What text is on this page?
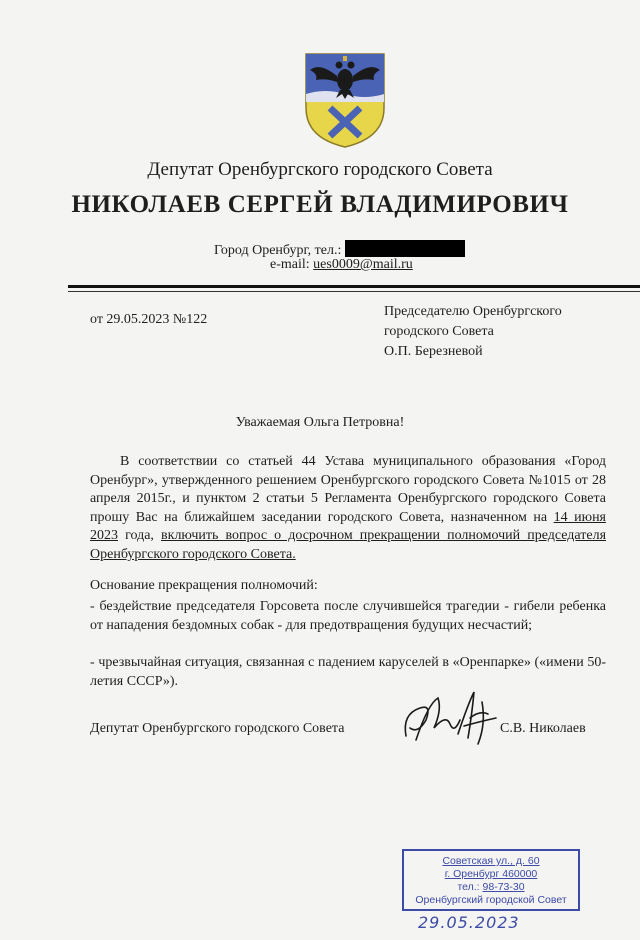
Депутат Оренбургского городского Совета
НИКОЛАЕВ СЕРГЕЙ ВЛАДИМИРОВИЧ
Город Оренбург, тел.:
e-mail: ues0009@mail.ru
от 29.05.2023 №122
Председателю Оренбургского
городского Совета
О.П. Березневой
Уважаемая Ольга Петровна!
В соответствии со статьей 44 Устава муниципального образования «Город Оренбург», утвержденного решением Оренбургского городского Совета №1015 от 28 апреля 2015г., и пунктом 2 статьи 5 Регламента Оренбургского городского Совета прошу Вас на ближайшем заседании городского Совета, назначенном на 14 июня 2023 года, включить вопрос о досрочном прекращении полномочий председателя Оренбургского городского Совета.
Основание прекращения полномочий:
- бездействие председателя Горсовета после случившейся трагедии - гибели ребенка от нападения бездомных собак - для предотвращения будущих несчастий;
- чрезвычайная ситуация, связанная с падением каруселей в «Оренпарке» («имени 50-летия СССР»).
Депутат Оренбургского городского Совета	С.В. Николаев
Советская ул., д. 60
г. Оренбург 460000
тел.: 98-73-30
Оренбургский городской Совет
29.05.2023
